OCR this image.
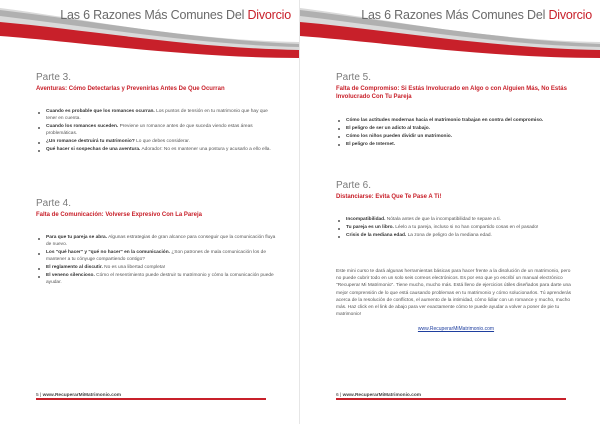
Las 6 Razones Más Comunes Del Divorcio
Parte 3.
Aventuras: Cómo Detectarlas y Prevenirlas Antes De Que Ocurran
Cuando es probable que los romances ocurran. Los puntos de tensión en tu matrimonio que hay que tener en cuenta.
Cuando los romances suceden. Previene un romance antes de que suceda viendo estas áreas problemáticas.
¿Un romance destruirá tu matrimonio? Lo que debes considerar.
Qué hacer si sospechas de una aventura. Adorador: No es mantener una postura y acusarlo a ello ella.
Parte 4.
Falta de Comunicación: Volverse Expresivo Con La Pareja
Para que tu pareja se abra. Algunas estrategias de gran alcance para conseguir que la comunicación fluya de nuevo.
Los "qué hacer" y "qué no hacer" en la comunicación. ¿Son patrones de mala comunicación los de mantener a tu cónyuge compartiendo contigo?
El reglamento al discutir. No es una libertad completa!
El veneno silencioso. Cómo el resentimiento puede destruir tu matrimonio y cómo la comunicación puede ayudar.
5 | www.RecuperarMiMatrimonio.com
Las 6 Razones Más Comunes Del Divorcio
Parte 5.
Falta de Compromiso: Si Estás Involucrado en Algo o con Alguien Más, No Estás Involucrado Con Tu Pareja
Cómo las actitudes modernas hacia el matrimonio trabajan en contra del compromiso.
El peligro de ser un adicto al trabajo.
Cómo los niños pueden dividir un matrimonio.
El peligro de Internet.
Parte 6.
Distanciarse: Evita Que Te Pase A Ti!
Incompatibilidad. Nótala antes de que la incompatibilidad te separe a ti.
Tu pareja es un libro. Léelo a tu pareja, incluso si no han compartido cosas en el pasado!
Crisis de la mediana edad. La zona de peligro de la mediana edad.

Este mini curso te dará algunas herramientas básicas para hacer frente a la disolución de un matrimonio, pero no puede cubrir todo en un solo seis correos electrónicos. Es por eso que yo escribí un manual electrónico "Recuperar Mi Matrimonio". Tiene mucho, mucho más. Está lleno de ejercicios útiles diseñados para darte una mejor comprensión de lo que está causando problemas en tu matrimonio y cómo solucionarlos. Tú aprenderás acerca de la resolución de conflictos, el aumento de la intimidad, cómo lidiar con un romance y mucho, mucho más. Haz click en el link de abajo para ver exactamente cómo te puede ayudar a volver a poner de pie tu matrimonio!

www.RecuperarMiMatrimonio.com
6 | www.RecuperarMiMatrimonio.com
